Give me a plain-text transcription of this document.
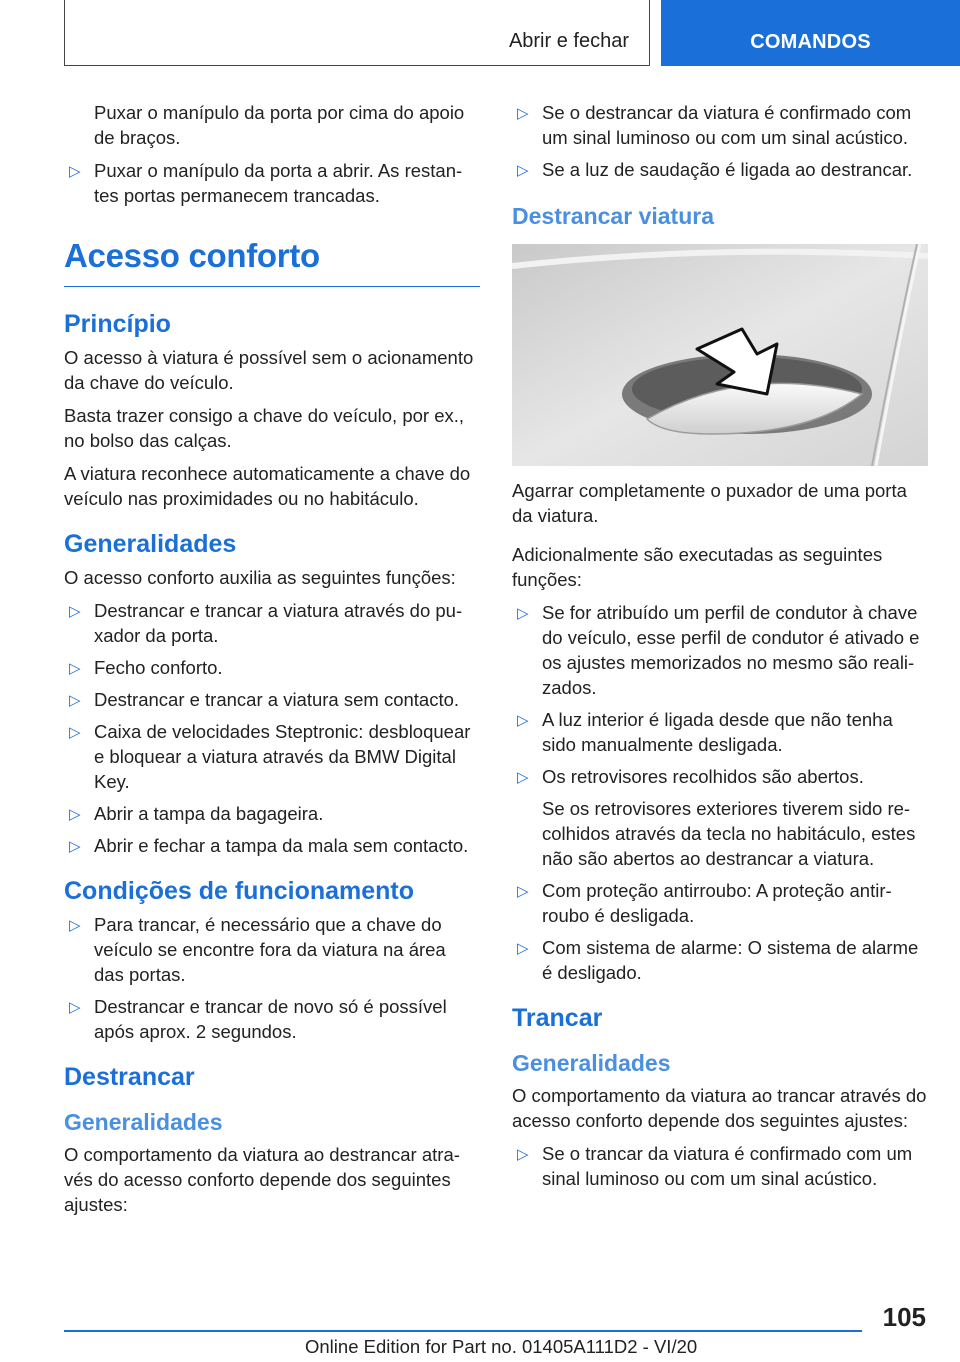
Abrir e fechar	COMANDOS

Puxar o manípulo da porta por cima do apoio de braços.

▷ Puxar o manípulo da porta a abrir. As restantes portas permanecem trancadas.
Acesso conforto
Princípio

O acesso à viatura é possível sem o acionamento da chave do veículo.

Basta trazer consigo a chave do veículo, por ex., no bolso das calças.

A viatura reconhece automaticamente a chave do veículo nas proximidades ou no habitáculo.

Generalidades

O acesso conforto auxilia as seguintes funções:

▷ Destrancar e trancar a viatura através do puxador da porta.
▷ Fecho conforto.
▷ Destrancar e trancar a viatura sem contacto.
▷ Caixa de velocidades Steptronic: desbloquear e bloquear a viatura através da BMW Digital Key.
▷ Abrir a tampa da bagageira.
▷ Abrir e fechar a tampa da mala sem contacto.
Condições de funcionamento
▷ Para trancar, é necessário que a chave do veículo se encontre fora da viatura na área das portas.
▷ Destrancar e trancar de novo só é possível após aprox. 2 segundos.
Destrancar
Generalidades

O comportamento da viatura ao destrancar através do acesso conforto depende dos seguintes ajustes:

▷ Se o destrancar da viatura é confirmado com um sinal luminoso ou com um sinal acústico.
▷ Se a luz de saudação é ligada ao destrancar.
Destrancar viatura

Agarrar completamente o puxador de uma porta da viatura.

Adicionalmente são executadas as seguintes funções:

▷ Se for atribuído um perfil de condutor à chave do veículo, esse perfil de condutor é ativado e os ajustes memorizados no mesmo são realizados.
▷ A luz interior é ligada desde que não tenha sido manualmente desligada.
▷ Os retrovisores recolhidos são abertos.
Se os retrovisores exteriores tiverem sido recolhidos através da tecla no habitáculo, estes não são abertos ao destrancar a viatura.
▷ Com proteção antirroubo: A proteção antirroubo é desligada.
▷ Com sistema de alarme: O sistema de alarme é desligado.
Trancar
Generalidades

O comportamento da viatura ao trancar através do acesso conforto depende dos seguintes ajustes:

▷ Se o trancar da viatura é confirmado com um sinal luminoso ou com um sinal acústico.
105
Online Edition for Part no. 01405A111D2 - VI/20
